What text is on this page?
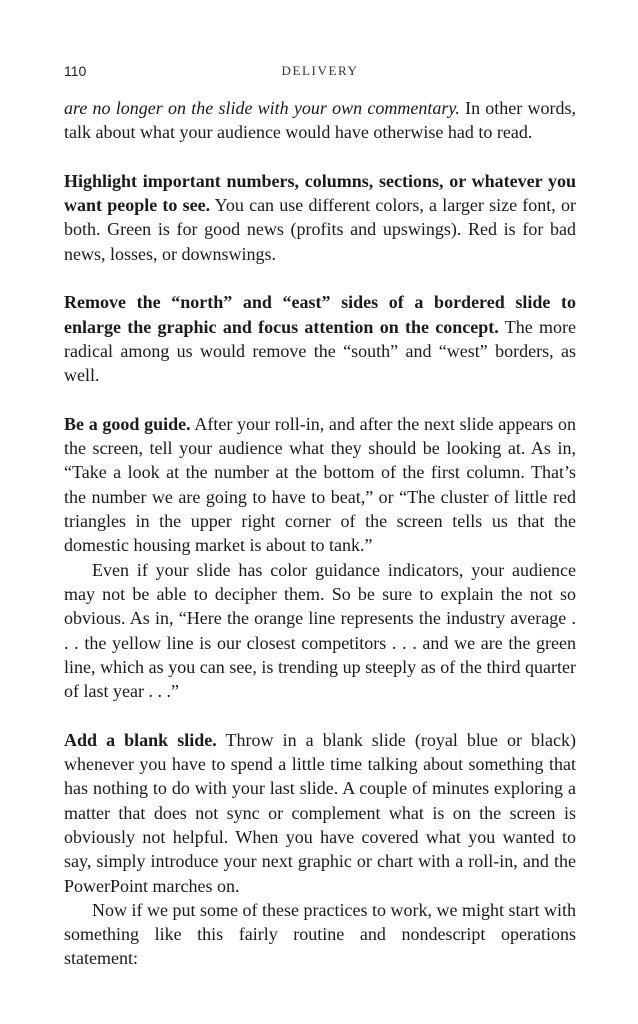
110	DELIVERY

are no longer on the slide with your own commentary. In other words, talk about what your audience would have otherwise had to read.

Highlight important numbers, columns, sections, or whatever you want people to see. You can use different colors, a larger size font, or both. Green is for good news (profits and upswings). Red is for bad news, losses, or downswings.

Remove the “north” and “east” sides of a bordered slide to enlarge the graphic and focus attention on the concept. The more radical among us would remove the “south” and “west” borders, as well.

Be a good guide. After your roll-in, and after the next slide appears on the screen, tell your audience what they should be looking at. As in, “Take a look at the number at the bottom of the first column. That’s the number we are going to have to beat,” or “The cluster of little red triangles in the upper right corner of the screen tells us that the domestic housing market is about to tank.”

Even if your slide has color guidance indicators, your audience may not be able to decipher them. So be sure to explain the not so obvious. As in, “Here the orange line represents the industry average . . . the yellow line is our closest competitors . . . and we are the green line, which as you can see, is trending up steeply as of the third quarter of last year . . .”

Add a blank slide. Throw in a blank slide (royal blue or black) whenever you have to spend a little time talking about something that has nothing to do with your last slide. A couple of minutes exploring a matter that does not sync or complement what is on the screen is obviously not helpful. When you have covered what you wanted to say, simply introduce your next graphic or chart with a roll-in, and the PowerPoint marches on.

Now if we put some of these practices to work, we might start with something like this fairly routine and nondescript operations statement:
